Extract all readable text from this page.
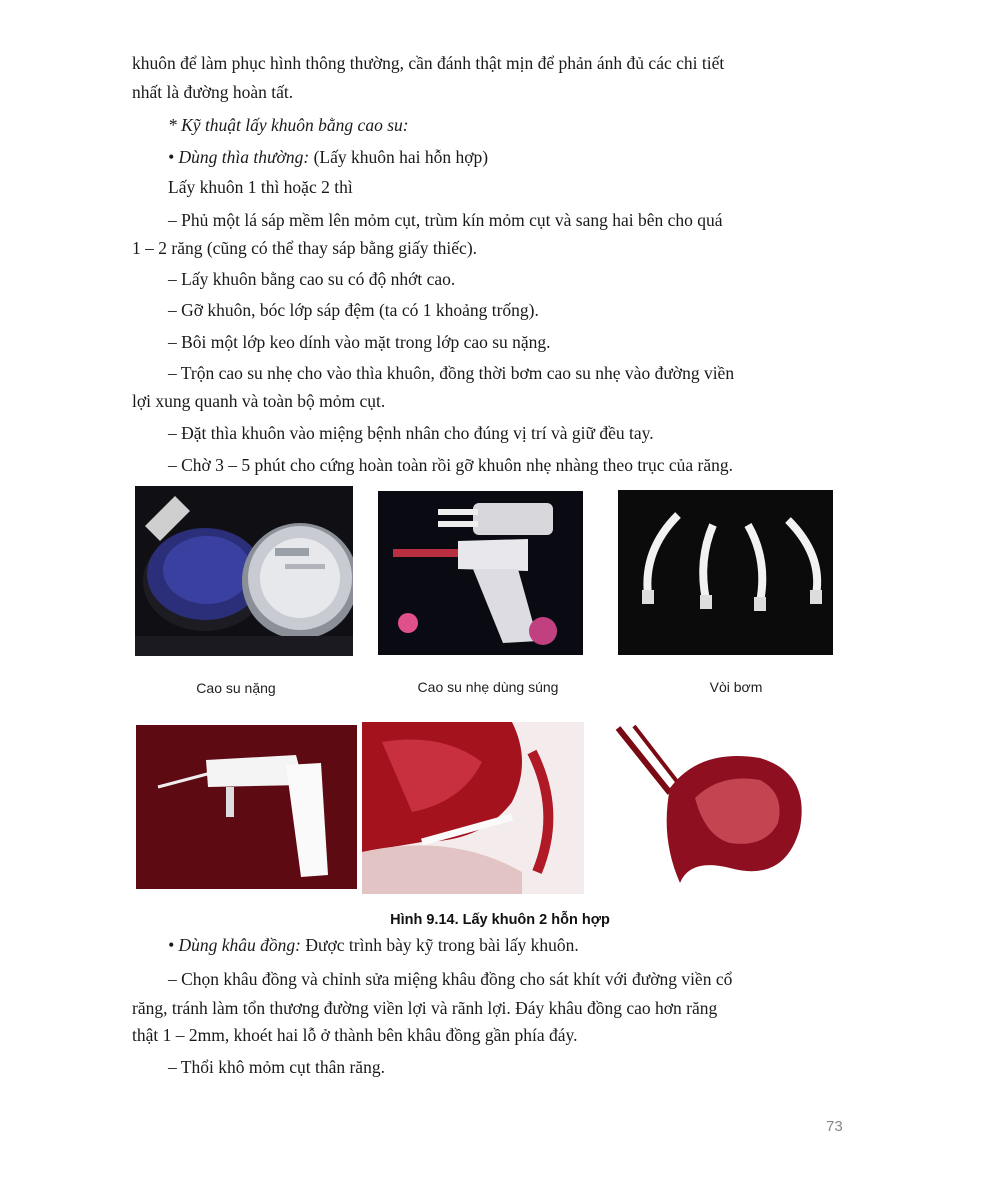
khuôn để làm phục hình thông thường, cần đánh thật mịn để phản ánh đủ các chi tiết

nhất là đường hoàn tất.

* Kỹ thuật lấy khuôn bằng cao su:

• Dùng thìa thường: (Lấy khuôn hai hỗn hợp)

Lấy khuôn 1 thì hoặc 2 thì

– Phủ một lá sáp mềm lên mỏm cụt, trùm kín mỏm cụt và sang hai bên cho quá

1 – 2 răng (cũng có thể thay sáp bằng giấy thiếc).

– Lấy khuôn bằng cao su có độ nhớt cao.

– Gỡ khuôn, bóc lớp sáp đệm (ta có 1 khoảng trống).

– Bôi một lớp keo dính vào mặt trong lớp cao su nặng.

– Trộn cao su nhẹ cho vào thìa khuôn, đồng thời bơm cao su nhẹ vào đường viền

lợi xung quanh và toàn bộ mỏm cụt.

– Đặt thìa khuôn vào miệng bệnh nhân cho đúng vị trí và giữ đều tay.

– Chờ 3 – 5 phút cho cứng hoàn toàn rồi gỡ khuôn nhẹ nhàng theo trục của răng.

Cao su nặng	Cao su nhẹ dùng súng	Vòi bơm
Hình 9.14. Lấy khuôn 2 hỗn hợp

• Dùng khâu đồng: Được trình bày kỹ trong bài lấy khuôn.

– Chọn khâu đồng và chỉnh sửa miệng khâu đồng cho sát khít với đường viền cổ

răng, tránh làm tổn thương đường viền lợi và rãnh lợi. Đáy khâu đồng cao hơn răng

thật 1 – 2mm, khoét hai lỗ ở thành bên khâu đồng gần phía đáy.

– Thổi khô mỏm cụt thân răng.

73
